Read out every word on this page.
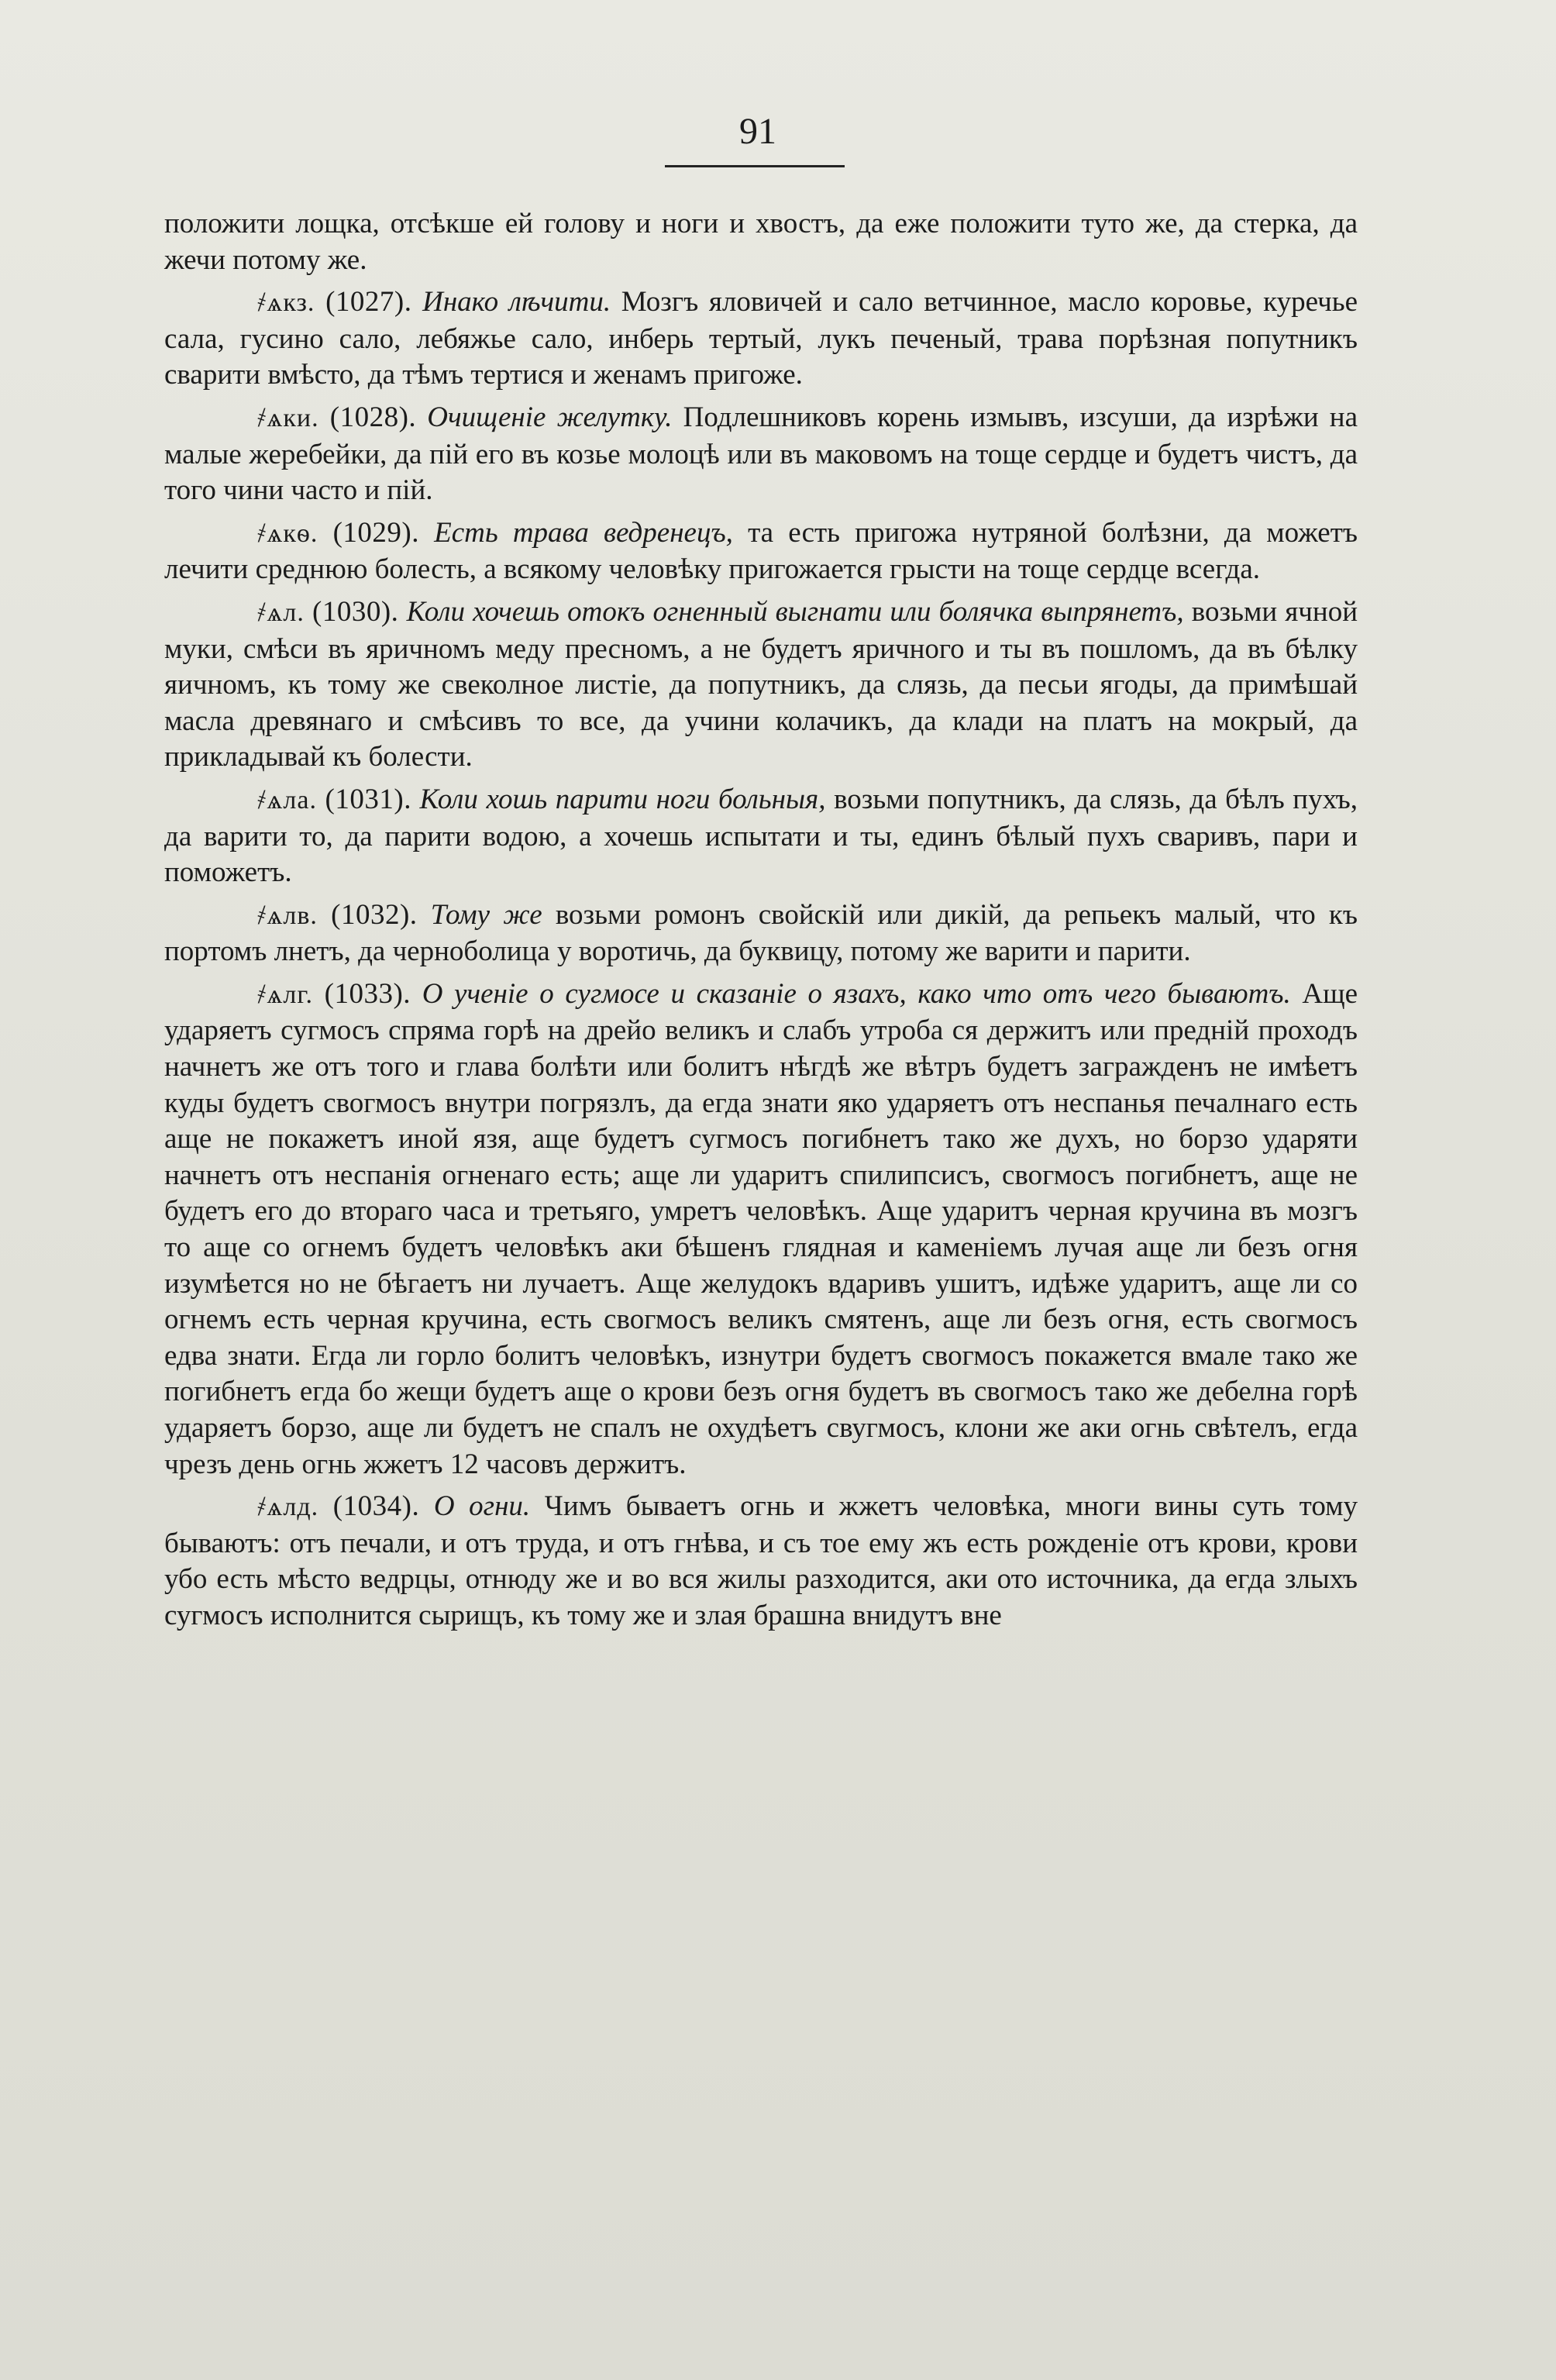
91

положити лощка, отсѣкше ей голову и ноги и хвостъ, да еже положити туто же, да стерка, да жечи потому же.

҂ѧкз. (1027). Инако лѣчити. Мозгъ яловичей и сало ветчинное, масло коровье, куречье сала, гусино сало, лебяжье сало, инберь тертый, лукъ печеный, трава порѣзная попутникъ сварити вмѣсто, да тѣмъ тертися и женамъ пригоже.

҂ѧки. (1028). Очищеніе желутку. Подлешниковъ корень измывъ, изсуши, да изрѣжи на малые жеребейки, да пій его въ козье молоцѣ или въ маковомъ на тоще сердце и будетъ чистъ, да того чини часто и пій.

҂ѧкѳ. (1029). Есть трава ведренецъ, та есть пригожа нутряной болѣзни, да можетъ лечити среднюю болесть, а всякому человѣку пригожается грысти на тоще сердце всегда.

҂ѧл. (1030). Коли хочешь отокъ огненный выгнати или болячка выпрянетъ, возьми ячной муки, смѣси въ яричномъ меду пресномъ, а не будетъ яричного и ты въ пошломъ, да въ бѣлку яичномъ, къ тому же свеколное листіе, да попутникъ, да слязь, да песьи ягоды, да примѣшай масла древянаго и смѣсивъ то все, да учини колачикъ, да клади на платъ на мокрый, да прикладывай къ болести.

҂ѧла. (1031). Коли хошь парити ноги больныя, возьми попутникъ, да слязь, да бѣлъ пухъ, да варити то, да парити водою, а хочешь испытати и ты, единъ бѣлый пухъ сваривъ, пари и поможетъ.

҂ѧлв. (1032). Тому же возьми ромонъ свойскій или дикій, да репьекъ малый, что къ портомъ лнетъ, да черноболица у воротичь, да буквицу, потому же варити и парити.

҂ѧлг. (1033). О ученіе о сугмосе и сказаніе о язахъ, како что отъ чего бываютъ. Аще ударяетъ сугмосъ спряма горѣ на дрейо великъ и слабъ утроба ся держитъ или предній проходъ начнетъ же отъ того и глава болѣти или болитъ нѣгдѣ же вѣтръ будетъ загражденъ не имѣетъ куды будетъ свогмосъ внутри погрязлъ, да егда знати яко ударяетъ отъ неспанья печалнаго есть аще не покажетъ иной язя, аще будетъ сугмосъ погибнетъ тако же духъ, но борзо ударяти начнетъ отъ неспанія огненаго есть; аще ли ударитъ спилипсисъ, свогмосъ погибнетъ, аще не будетъ его до втораго часа и третьяго, умретъ человѣкъ. Аще ударитъ черная кручина въ мозгъ то аще со огнемъ будетъ человѣкъ аки бѣшенъ глядная и каменіемъ лучая аще ли безъ огня изумѣется но не бѣгаетъ ни лучаетъ. Аще желудокъ вдаривъ ушитъ, идѣже ударитъ, аще ли со огнемъ есть черная кручина, есть свогмосъ великъ смятенъ, аще ли безъ огня, есть свогмосъ едва знати. Егда ли горло болитъ человѣкъ, изнутри будетъ свогмосъ покажется вмале тако же погибнетъ егда бо жещи будетъ аще о крови безъ огня будетъ въ свогмосъ тако же дебелна горѣ ударяетъ борзо, аще ли будетъ не спалъ не охудѣетъ свугмосъ, клони же аки огнь свѣтелъ, егда чрезъ день огнь жжетъ 12 часовъ держитъ.

҂ѧлд. (1034). О огни. Чимъ бываетъ огнь и жжетъ человѣка, многи вины суть тому бываютъ: отъ печали, и отъ труда, и отъ гнѣва, и съ тое ему жъ есть рожденіе отъ крови, крови убо есть мѣсто ведрцы, отнюду же и во вся жилы разходится, аки ото источника, да егда злыхъ сугмосъ исполнится сырищъ, къ тому же и злая брашна внидутъ вне
